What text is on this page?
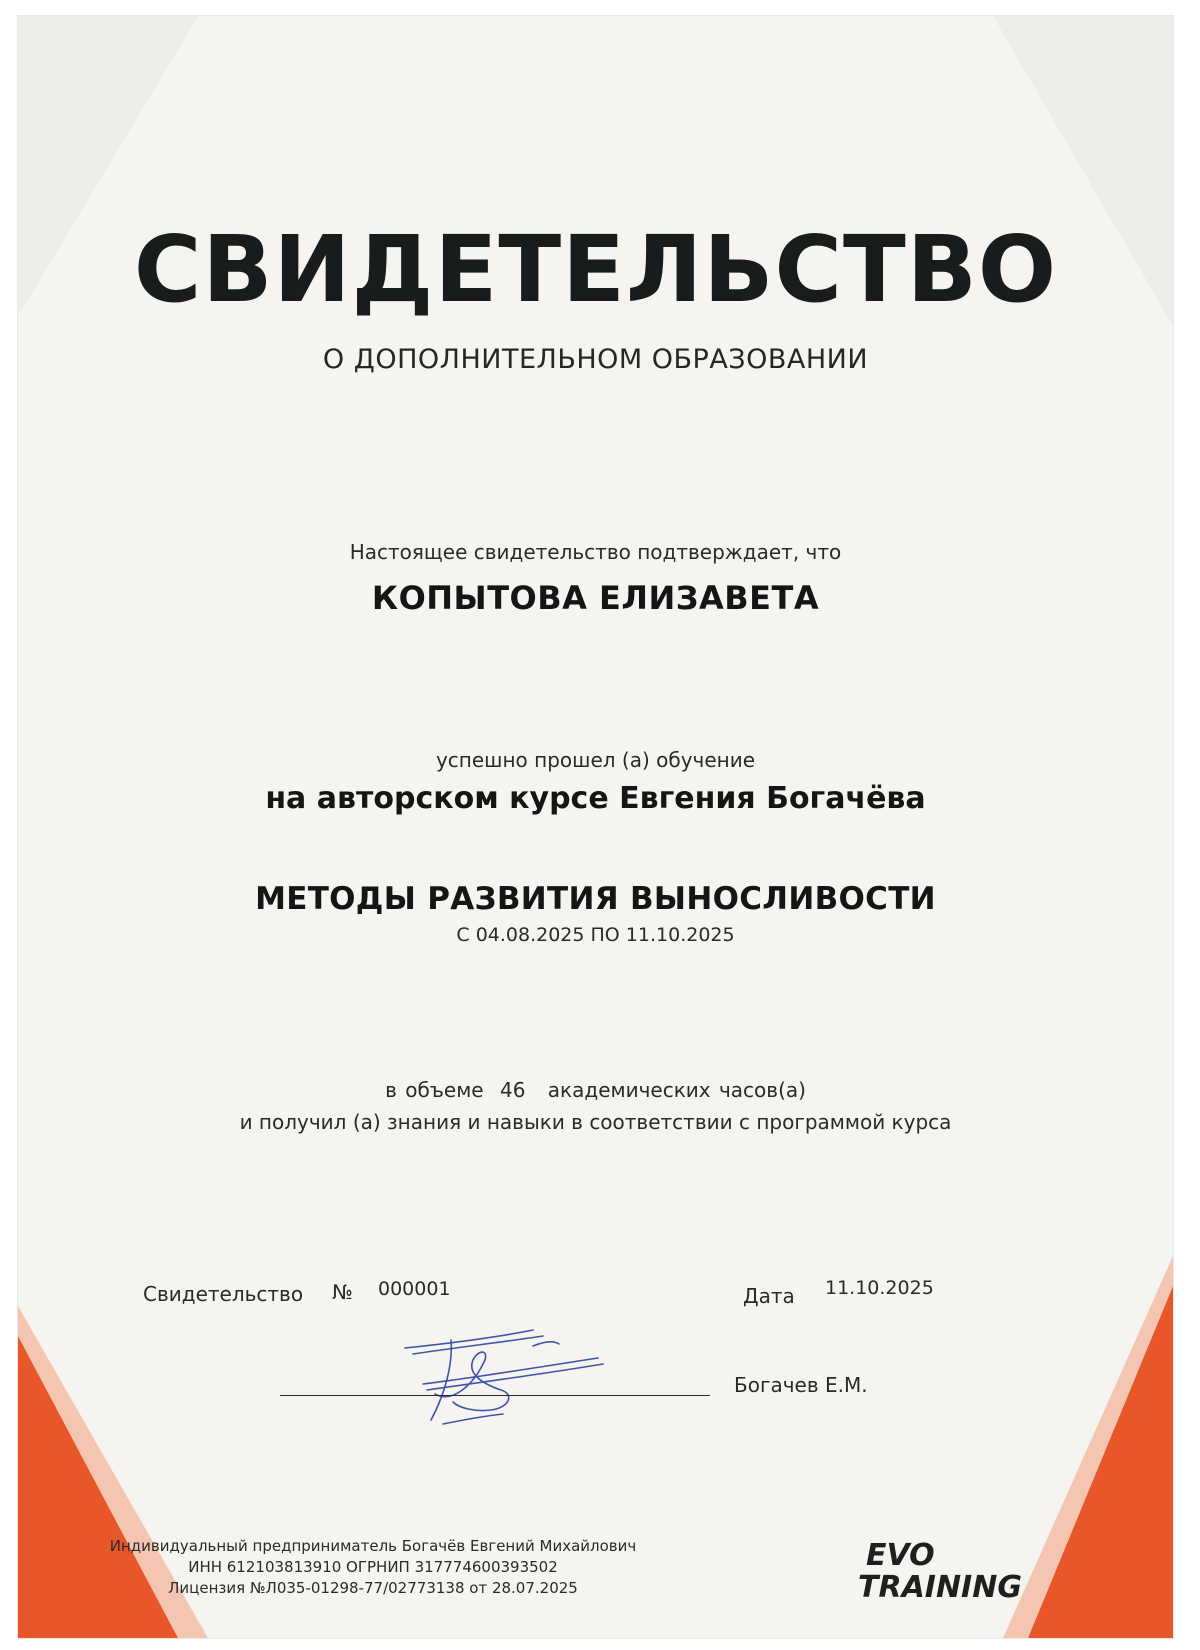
СВИДЕТЕЛЬСТВО
О ДОПОЛНИТЕЛЬНОМ ОБРАЗОВАНИИ
Настоящее свидетельство подтверждает, что
КОПЫТОВА ЕЛИЗАВЕТА
успешно прошел (а) обучение
на авторском курсе Евгения Богачёва
МЕТОДЫ РАЗВИТИЯ ВЫНОСЛИВОСТИ
С 04.08.2025 ПО 11.10.2025
в объеме 46 академических часов(а)
и получил (а) знания и навыки в соответствии с программой курса
Свидетельство № 000001	Дата 11.10.2025
Богачев Е.М.
Индивидуальный предприниматель Богачёв Евгений Михайлович
ИНН 612103813910 ОГРНИП 317774600393502
Лицензия №Л035-01298-77/02773138 от 28.07.2025
EVO
TRAINING
